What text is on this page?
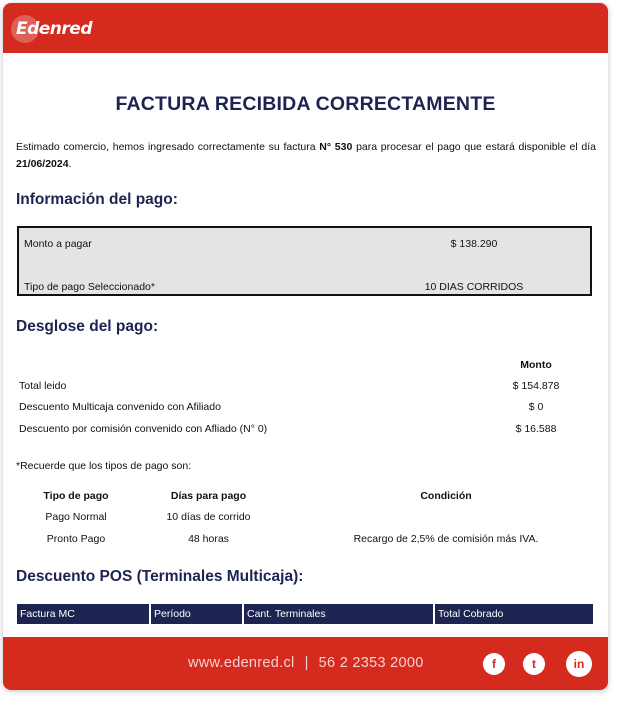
Edenred
FACTURA RECIBIDA CORRECTAMENTE
Estimado comercio, hemos ingresado correctamente su factura N° 530 para procesar el pago que estará disponible el día 21/06/2024.
Información del pago:
Monto a pagar	$ 138.290
Tipo de pago Seleccionado*	10 DIAS CORRIDOS
Desglose del pago:
Monto
Total leido	$ 154.878
Descuento Multicaja convenido con Afiliado	$ 0
Descuento por comisión convenido con Afliado (N° 0)	$ 16.588
*Recuerde que los tipos de pago son:
Tipo de pago	Días para pago	Condición
Pago Normal	10 días de corrido
Pronto Pago	48 horas	Recargo de 2,5% de comisión más IVA.
Descuento POS (Terminales Multicaja):
Factura MC	Período	Cant. Terminales	Total Cobrado
www.edenred.cl | 56 2 2353 2000	f	t	in
